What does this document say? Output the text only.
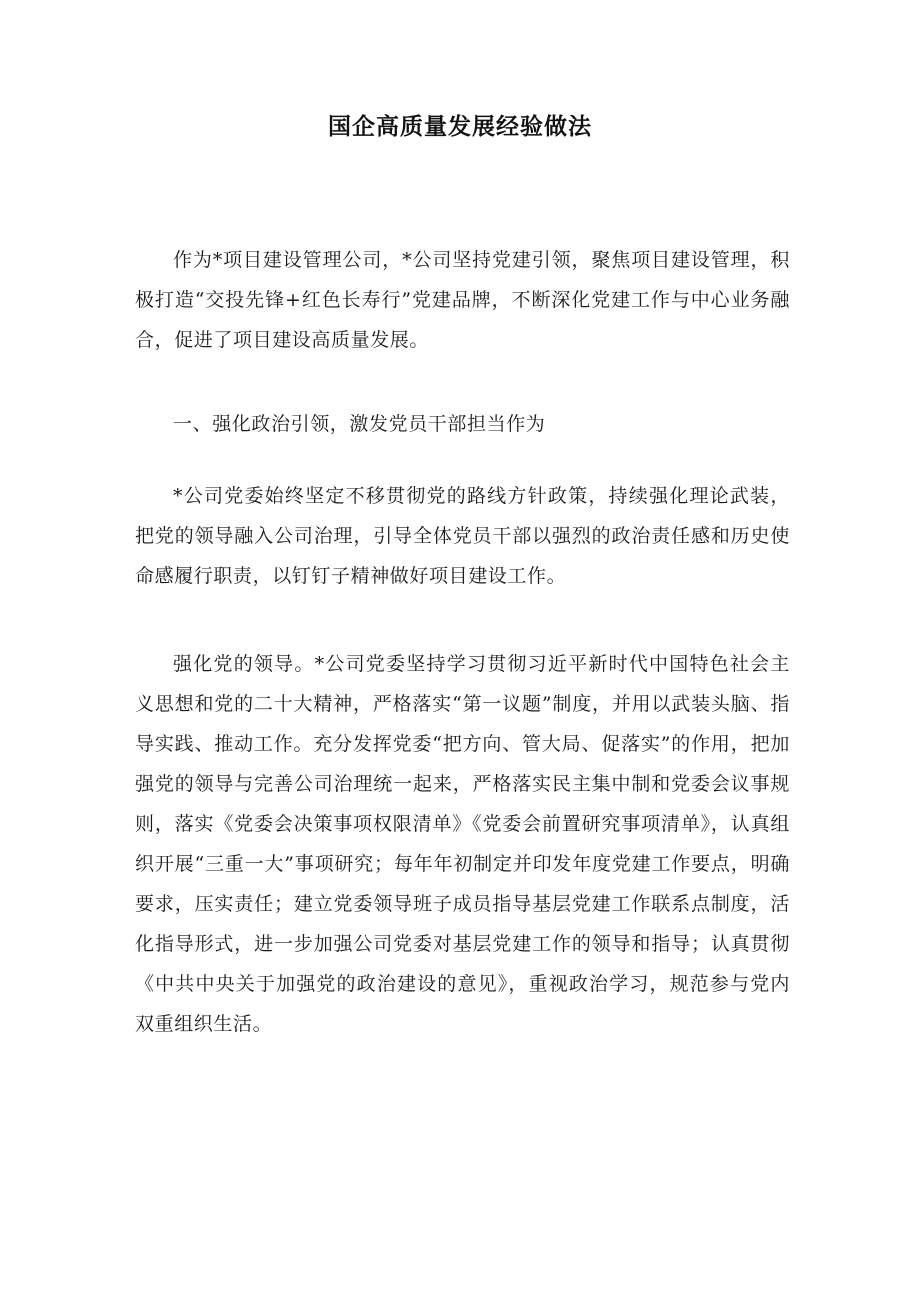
国企高质量发展经验做法

作为*项目建设管理公司，*公司坚持党建引领，聚焦项目建设管理，积极打造“交投先锋+红色长寿行”党建品牌，不断深化党建工作与中心业务融合，促进了项目建设高质量发展。

一、强化政治引领，激发党员干部担当作为

*公司党委始终坚定不移贯彻党的路线方针政策，持续强化理论武装，把党的领导融入公司治理，引导全体党员干部以强烈的政治责任感和历史使命感履行职责，以钉钉子精神做好项目建设工作。

强化党的领导。*公司党委坚持学习贯彻习近平新时代中国特色社会主义思想和党的二十大精神，严格落实“第一议题”制度，并用以武装头脑、指导实践、推动工作。充分发挥党委“把方向、管大局、促落实”的作用，把加强党的领导与完善公司治理统一起来，严格落实民主集中制和党委会议事规则，落实《党委会决策事项权限清单》《党委会前置研究事项清单》，认真组织开展“三重一大”事项研究；每年年初制定并印发年度党建工作要点，明确要求，压实责任；建立党委领导班子成员指导基层党建工作联系点制度，活化指导形式，进一步加强公司党委对基层党建工作的领导和指导；认真贯彻《中共中央关于加强党的政治建设的意见》，重视政治学习，规范参与党内双重组织生活。
